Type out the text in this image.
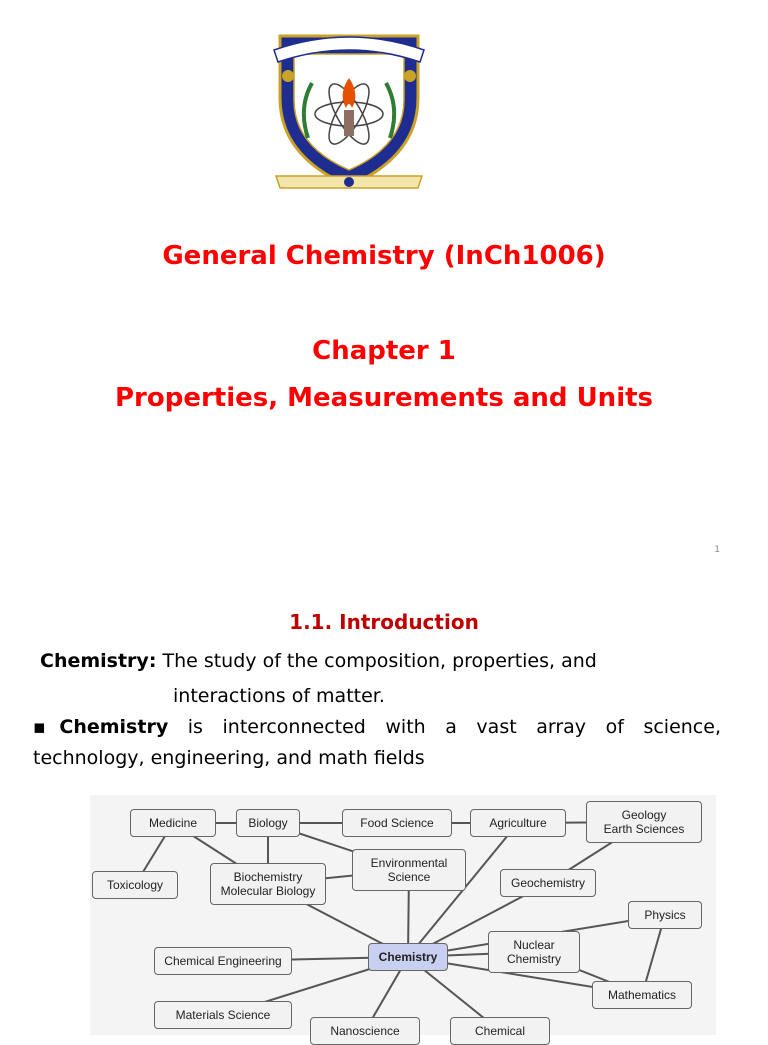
General Chemistry (InCh1006)
Chapter 1
Properties, Measurements and Units
1
1.1. Introduction
Chemistry: The study of the composition, properties, and
interactions of matter.
▪Chemistry is interconnected with a vast array of science,
technology, engineering, and math fields
Medicine	Biology	Food Science	Agriculture
Geology
Earth Sciences
Toxicology
Biochemistry
Molecular Biology
Environmental
Science	Geochemistry
Physics
Chemical Engineering	Chemistry
Nuclear
Chemistry
Mathematics
Materials Science
Nanoscience	Chemical
